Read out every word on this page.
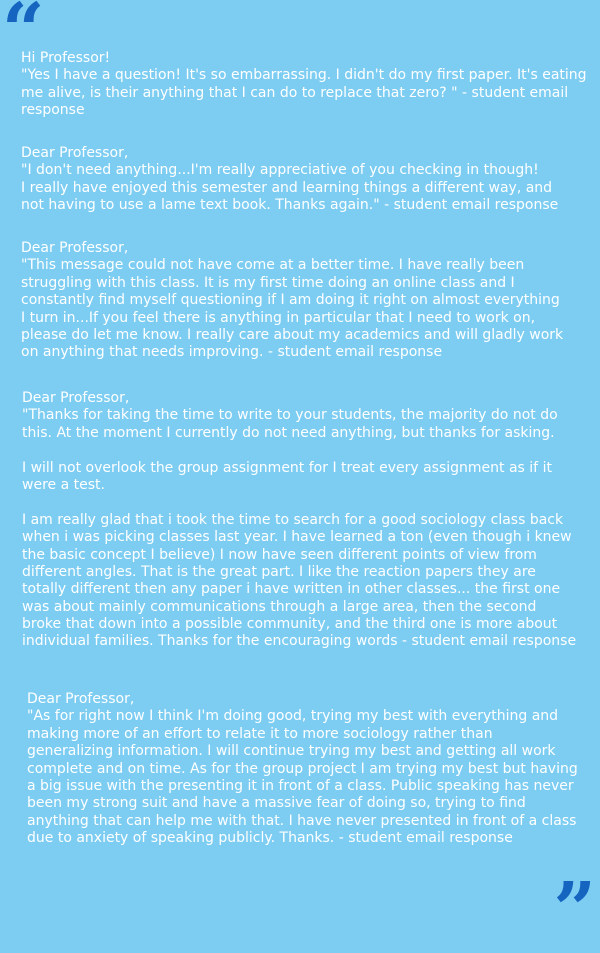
“
”
Hi Professor!
"Yes I have a question! It's so embarrassing. I didn't do my first paper. It's eating
me alive, is their anything that I can do to replace that zero? " - student email
response
Dear Professor,
"I don't need anything...I'm really appreciative of you checking in though!
I really have enjoyed this semester and learning things a different way, and
not having to use a lame text book. Thanks again." - student email response
Dear Professor,
"This message could not have come at a better time. I have really been
struggling with this class. It is my first time doing an online class and I
constantly find myself questioning if I am doing it right on almost everything
I turn in...If you feel there is anything in particular that I need to work on,
please do let me know. I really care about my academics and will gladly work
on anything that needs improving. - student email response
Dear Professor,
"Thanks for taking the time to write to your students, the majority do not do
this. At the moment I currently do not need anything, but thanks for asking.
I will not overlook the group assignment for I treat every assignment as if it
were a test.
I am really glad that i took the time to search for a good sociology class back
when i was picking classes last year. I have learned a ton (even though i knew
the basic concept I believe) I now have seen different points of view from
different angles. That is the great part. I like the reaction papers they are
totally different then any paper i have written in other classes... the first one
was about mainly communications through a large area, then the second
broke that down into a possible community, and the third one is more about
individual families. Thanks for the encouraging words - student email response
Dear Professor,
"As for right now I think I'm doing good, trying my best with everything and
making more of an effort to relate it to more sociology rather than
generalizing information. I will continue trying my best and getting all work
complete and on time. As for the group project I am trying my best but having
a big issue with the presenting it in front of a class. Public speaking has never
been my strong suit and have a massive fear of doing so, trying to find
anything that can help me with that. I have never presented in front of a class
due to anxiety of speaking publicly. Thanks. - student email response
